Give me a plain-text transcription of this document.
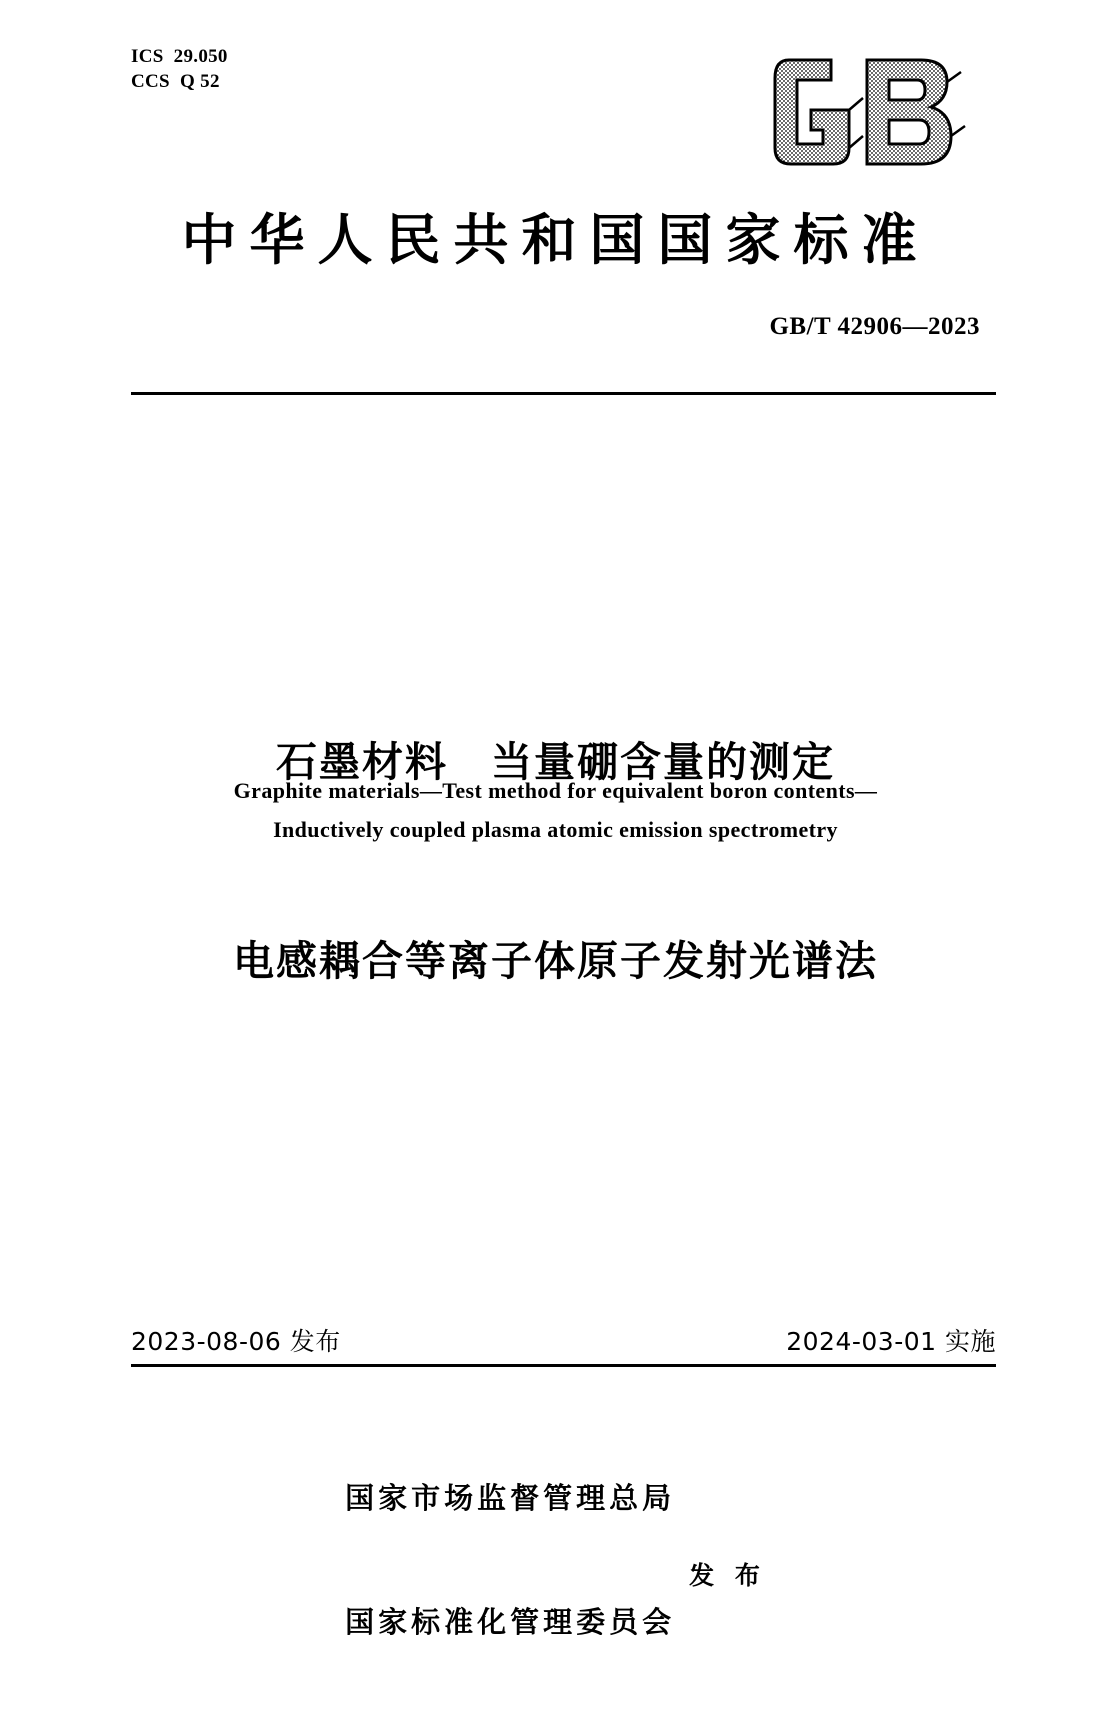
ICS  29.050
CCS  Q 52
中华人民共和国国家标准
GB/T 42906—2023

石墨材料　当量硼含量的测定

电感耦合等离子体原子发射光谱法

Graphite materials—Test method for equivalent boron contents—
Inductively coupled plasma atomic emission spectrometry
2023-08-06 发布	2024-03-01 实施

国家市场监督管理总局

国家标准化管理委员会

发 布
